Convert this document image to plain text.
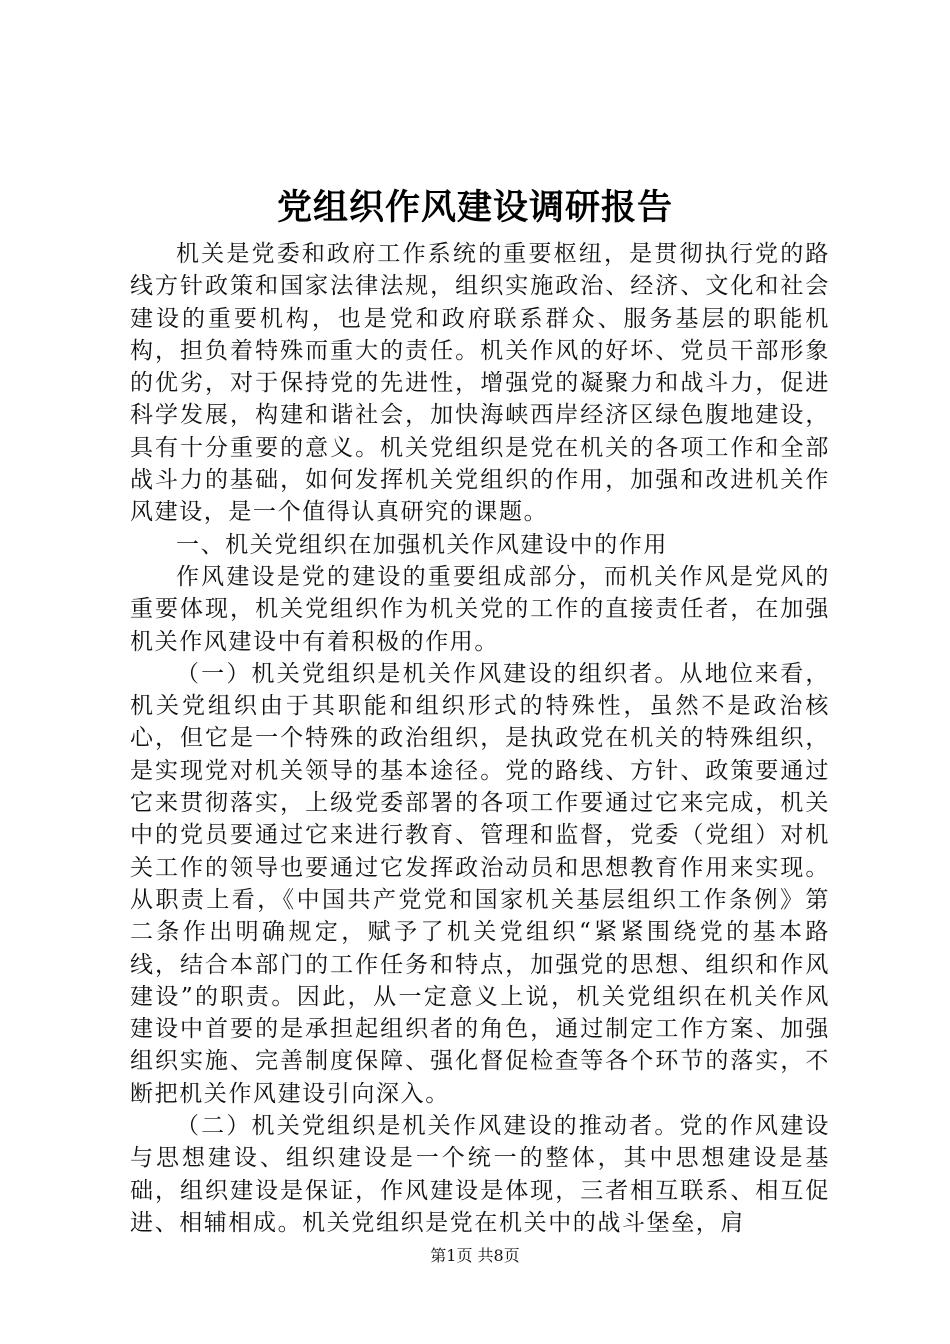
党组织作风建设调研报告

机关是党委和政府工作系统的重要枢纽，是贯彻执行党的路线方针政策和国家法律法规，组织实施政治、经济、文化和社会建设的重要机构，也是党和政府联系群众、服务基层的职能机构，担负着特殊而重大的责任。机关作风的好坏、党员干部形象的优劣，对于保持党的先进性，增强党的凝聚力和战斗力，促进科学发展，构建和谐社会，加快海峡西岸经济区绿色腹地建设，具有十分重要的意义。机关党组织是党在机关的各项工作和全部战斗力的基础，如何发挥机关党组织的作用，加强和改进机关作风建设，是一个值得认真研究的课题。

一、机关党组织在加强机关作风建设中的作用

作风建设是党的建设的重要组成部分，而机关作风是党风的重要体现，机关党组织作为机关党的工作的直接责任者，在加强机关作风建设中有着积极的作用。

（一）机关党组织是机关作风建设的组织者。从地位来看，机关党组织由于其职能和组织形式的特殊性，虽然不是政治核心，但它是一个特殊的政治组织，是执政党在机关的特殊组织，是实现党对机关领导的基本途径。党的路线、方针、政策要通过它来贯彻落实，上级党委部署的各项工作要通过它来完成，机关中的党员要通过它来进行教育、管理和监督，党委（党组）对机关工作的领导也要通过它发挥政治动员和思想教育作用来实现。从职责上看，《中国共产党党和国家机关基层组织工作条例》第二条作出明确规定，赋予了机关党组织“紧紧围绕党的基本路线，结合本部门的工作任务和特点，加强党的思想、组织和作风建设”的职责。因此，从一定意义上说，机关党组织在机关作风建设中首要的是承担起组织者的角色，通过制定工作方案、加强组织实施、完善制度保障、强化督促检查等各个环节的落实，不断把机关作风建设引向深入。

（二）机关党组织是机关作风建设的推动者。党的作风建设与思想建设、组织建设是一个统一的整体，其中思想建设是基础，组织建设是保证，作风建设是体现，三者相互联系、相互促进、相辅相成。机关党组织是党在机关中的战斗堡垒，肩

第1页 共8页
